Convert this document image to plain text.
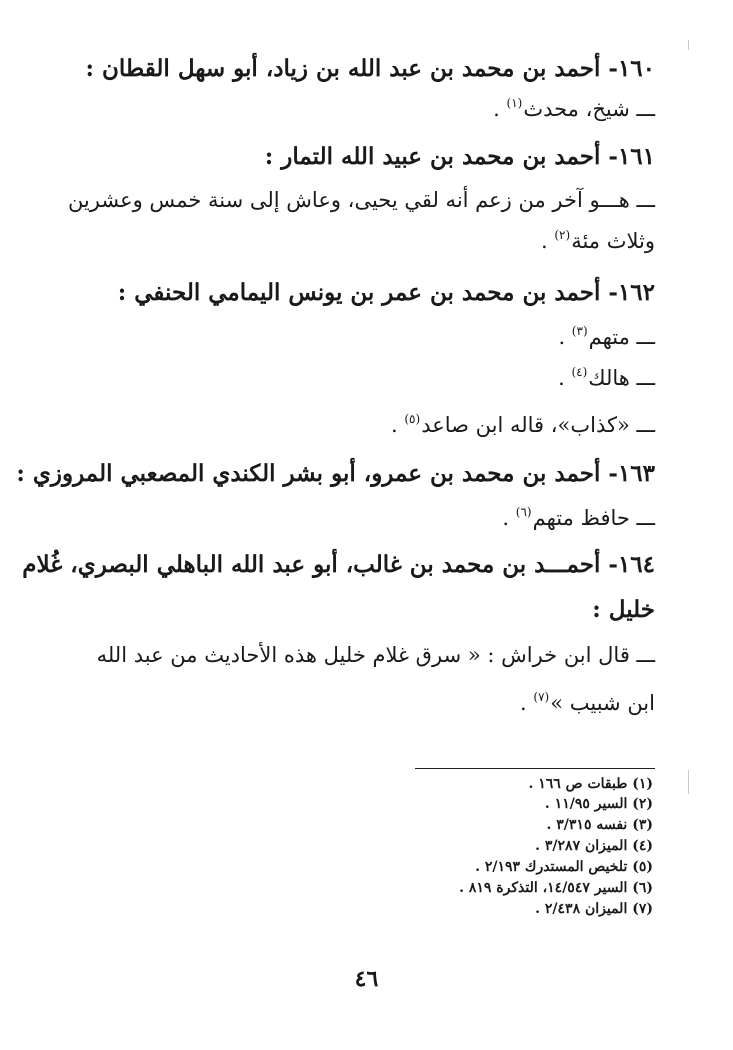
١٦٠- أحمد بن محمد بن عبد الله بن زياد، أبو سهل القطان :
ـــ شيخ، محدث$^{(١)}$ .
١٦١- أحمد بن محمد بن عبيد الله التمار :
ـــ هـــو آخر من زعم أنه لقي يحيى، وعاش إلى سنة خمس وعشرين
وثلاث مئة$^{(٢)}$ .
١٦٢- أحمد بن محمد بن عمر بن يونس اليمامي الحنفي :
ـــ متهم$^{(٣)}$ .
ـــ هالك$^{(٤)}$ .
ـــ «كذاب»، قاله ابن صاعد$^{(٥)}$ .
١٦٣- أحمد بن محمد بن عمرو، أبو بشر الكندي المصعبي المروزي :
ـــ حافظ متهم$^{(٦)}$ .
١٦٤- أحمـــد بن محمد بن غالب، أبو عبد الله الباهلي البصري، غُلام
خليل :
ـــ قال ابن خراش : « سرق غلام خليل هذه الأحاديث من عبد الله
ابن شبيب »$^{(٧)}$ .
(١) طبقات ص ١٦٦ .
(٢) السير ١١/٩٥ .
(٣) نفسه ٣/٣١٥ .
(٤) الميزان ٣/٢٨٧ .
(٥) تلخيص المستدرك ٢/١٩٣ .
(٦) السير ١٤/٥٤٧، التذكرة ٨١٩ .
(٧) الميزان ٢/٤٣٨ .
٤٦
